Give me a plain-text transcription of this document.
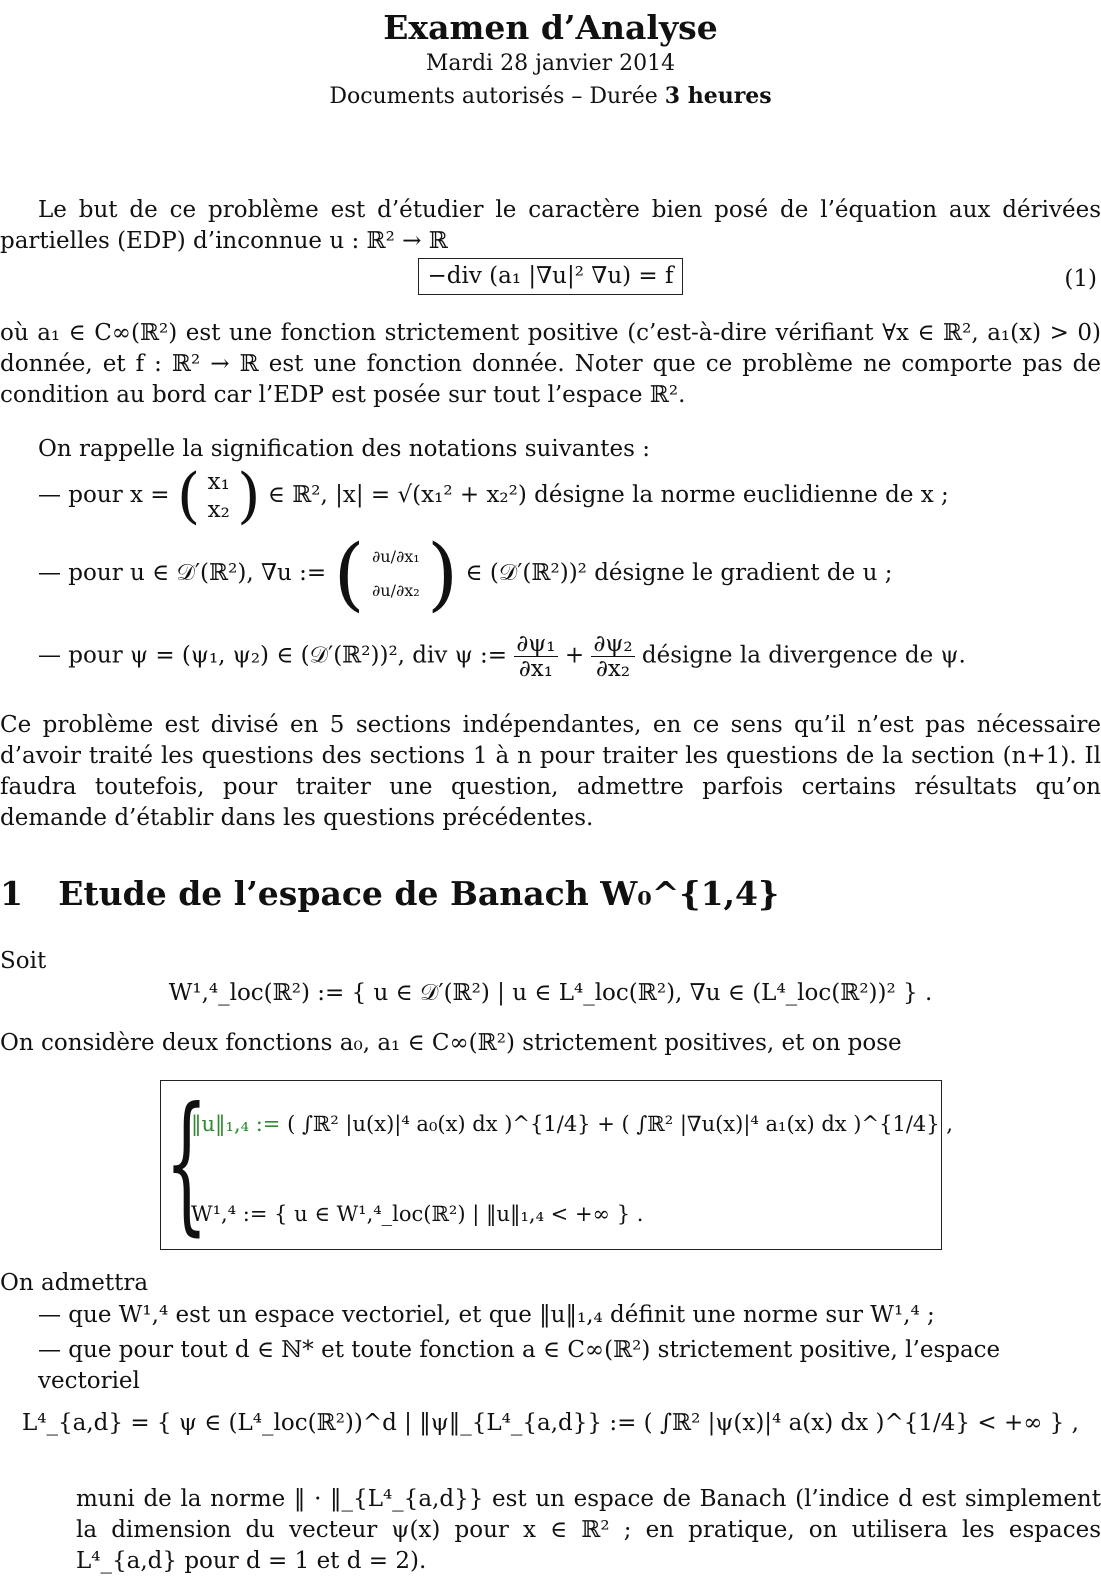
Examen d’Analyse
Mardi 28 janvier 2014
Documents autorisés – Durée 3 heures
Le but de ce problème est d’étudier le caractère bien posé de l’équation aux dérivées partielles (EDP) d’inconnue u : ℝ² → ℝ
−div (a₁ |∇u|² ∇u) = f	(1)
où a₁ ∈ C∞(ℝ²) est une fonction strictement positive (c’est-à-dire vérifiant ∀x ∈ ℝ², a₁(x) > 0) donnée, et f : ℝ² → ℝ est une fonction donnée. Noter que ce problème ne comporte pas de condition au bord car l’EDP est posée sur tout l’espace ℝ².
On rappelle la signification des notations suivantes :
— pour x = ( x₁
x₂ ) ∈ ℝ², |x| = √(x₁² + x₂²) désigne la norme euclidienne de x ;
— pour u ∈ 𝒟′(ℝ²), ∇u := ( ∂u/∂x₁
∂u/∂x₂ ) ∈ (𝒟′(ℝ²))² désigne le gradient de u ;
— pour ψ = (ψ₁, ψ₂) ∈ (𝒟′(ℝ²))², div ψ := $\frac{\text{∂ψ₁}}{\text{∂x₁}} + \frac{\text{∂ψ₂}}{\text{∂x₂}}$ désigne la divergence de ψ.
Ce problème est divisé en 5 sections indépendantes, en ce sens qu’il n’est pas nécessaire d’avoir traité les questions des sections 1 à n pour traiter les questions de la section (n+1). Il faudra toutefois, pour traiter une question, admettre parfois certains résultats qu’on demande d’établir dans les questions précédentes.
1 Etude de l’espace de Banach W₀^{1,4}
Soit
W¹,⁴_loc(ℝ²) := { u ∈ 𝒟′(ℝ²) | u ∈ L⁴_loc(ℝ²), ∇u ∈ (L⁴_loc(ℝ²))² } .
On considère deux fonctions a₀, a₁ ∈ C∞(ℝ²) strictement positives, et on pose
{
‖u‖₁,₄ := ( ∫ℝ² |u(x)|⁴ a₀(x) dx )^{1/4} + ( ∫ℝ² |∇u(x)|⁴ a₁(x) dx )^{1/4} ,
W¹,⁴ := { u ∈ W¹,⁴_loc(ℝ²) | ‖u‖₁,₄ < +∞ } .
On admettra
— que W¹,⁴ est un espace vectoriel, et que ‖u‖₁,₄ définit une norme sur W¹,⁴ ;
— que pour tout d ∈ ℕ* et toute fonction a ∈ C∞(ℝ²) strictement positive, l’espace vectoriel
L⁴_{a,d} = { ψ ∈ (L⁴_loc(ℝ²))^d | ‖ψ‖_{L⁴_{a,d}} := ( ∫ℝ² |ψ(x)|⁴ a(x) dx )^{1/4} < +∞ } ,
muni de la norme ‖ · ‖_{L⁴_{a,d}} est un espace de Banach (l’indice d est simplement la dimension du vecteur ψ(x) pour x ∈ ℝ² ; en pratique, on utilisera les espaces L⁴_{a,d} pour d = 1 et d = 2).
